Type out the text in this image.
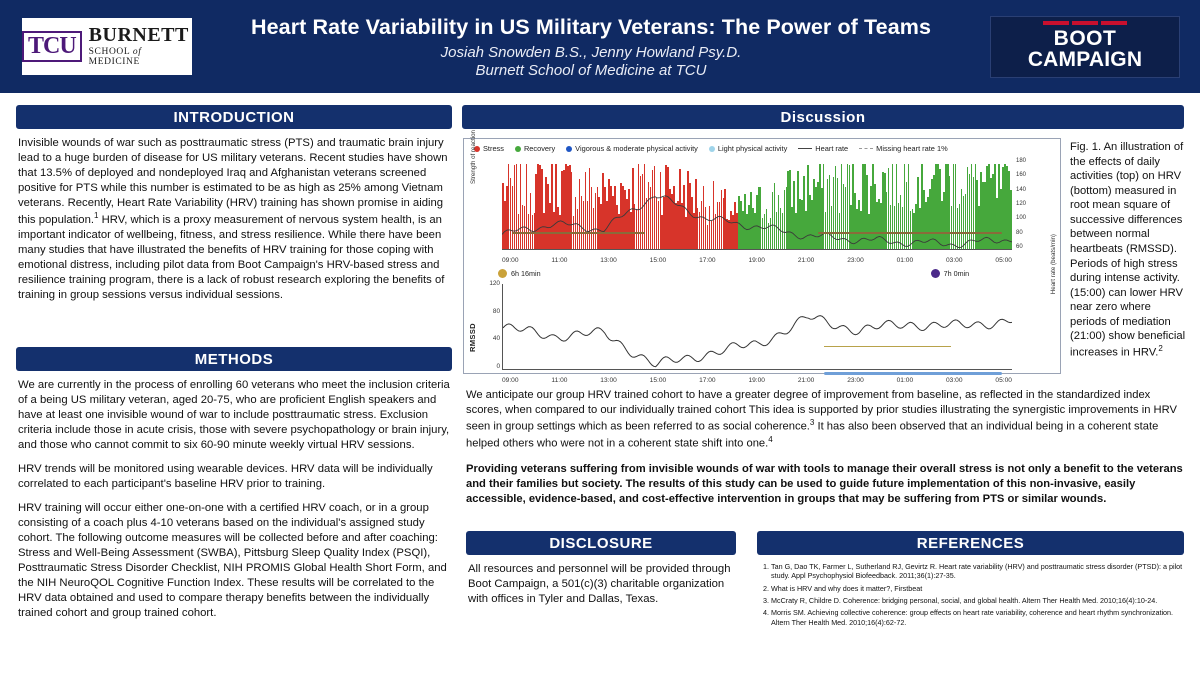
TCU BURNETT
SCHOOL of MEDICINE
Heart Rate Variability in US Military Veterans: The Power of Teams
Josiah Snowden B.S., Jenny Howland Psy.D.
Burnett School of Medicine at TCU
BOOT
CAMPAIGN
INTRODUCTION

Invisible wounds of war such as posttraumatic stress (PTS) and traumatic brain injury lead to a huge burden of disease for US military veterans. Recent studies have shown that 13.5% of deployed and nondeployed Iraq and Afghanistan veterans screened positive for PTS while this number is estimated to be as high as 25% among Vietnam veterans. Recently, Heart Rate Variability (HRV) training has shown promise in aiding this population.$^1$ HRV, which is a proxy measurement of nervous system health, is an important indicator of wellbeing, fitness, and stress resilience. While there have been many studies that have illustrated the benefits of HRV training for those coping with emotional distress, including pilot data from Boot Campaign's HRV-based stress and resilience training program, there is a lack of robust research exploring the benefits of training in group sessions versus individual sessions.

METHODS

We are currently in the process of enrolling 60 veterans who meet the inclusion criteria of a being US military veteran, aged 20-75, who are proficient English speakers and have at least one invisible wound of war to include posttraumatic stress. Exclusion criteria include those in acute crisis, those with severe psychopathology or brain injury, and those who cannot commit to six 60-90 minute weekly virtual HRV sessions.

HRV trends will be monitored using wearable devices. HRV data will be individually correlated to each participant's baseline HRV prior to training.

HRV training will occur either one-on-one with a certified HRV coach, or in a group consisting of a coach plus 4-10 veterans based on the individual's assigned study cohort. The following outcome measures will be collected before and after coaching: Stress and Well-Being Assessment (SWBA), Pittsburg Sleep Quality Index (PSQI), Posttraumatic Stress Disorder Checklist, NIH PROMIS Global Health Short Form, and the NIH NeuroQOL Cognitive Function Index. These results will be correlated to the HRV data obtained and used to compare therapy benefits between the individually trained cohort and group trained cohort.

Discussion
Stress	Recovery	Vigorous & moderate physical activity	Light physical activity	Heart rate	Missing heart rate 1%
Strength of reaction	180
160
140
120
100
80
60	Heart rate (beats/min)
09:00	11:00	13:00	15:00	17:00	19:00	21:00	23:00	01:00	03:00	05:00
6h 16min	7h 0min
RMSSD
120
80
40
0
09:00	11:00	13:00	15:00	17:00	19:00	21:00	23:00	01:00	03:00	05:00
Fig. 1. An illustration of the effects of daily activities (top) on HRV (bottom) measured in root mean square of successive differences between normal heartbeats (RMSSD). Periods of high stress during intense activity. (15:00) can lower HRV near zero where periods of mediation (21:00) show beneficial increases in HRV.$^2$

We anticipate our group HRV trained cohort to have a greater degree of improvement from baseline, as reflected in the standardized index scores, when compared to our individually trained cohort This idea is supported by prior studies illustrating the synergistic improvements in HRV seen in group settings which as been referred to as social coherence.$^3$ It has also been observed that an individual being in a coherent state helped others who were not in a coherent state shift into one.$^4$

Providing veterans suffering from invisible wounds of war with tools to manage their overall stress is not only a benefit to the veterans and their families but society. The results of this study can be used to guide future implementation of this non-invasive, easily accessible, evidence-based, and cost-effective intervention in groups that may be suffering from PTS or similar wounds.

DISCLOSURE

All resources and personnel will be provided through Boot Campaign, a 501(c)(3) charitable organization with offices in Tyler and Dallas, Texas.

REFERENCES
1. Tan G, Dao TK, Farmer L, Sutherland RJ, Gevirtz R. Heart rate variability (HRV) and posttraumatic stress disorder (PTSD): a pilot study. Appl Psychophysiol Biofeedback. 2011;36(1):27-35.
2. What is HRV and why does it matter?, Firstbeat
3. McCraty R, Childre D. Coherence: bridging personal, social, and global health. Altern Ther Health Med. 2010;16(4):10-24.
4. Morris SM. Achieving collective coherence: group effects on heart rate variability, coherence and heart rhythm synchronization. Altern Ther Health Med. 2010;16(4):62-72.
